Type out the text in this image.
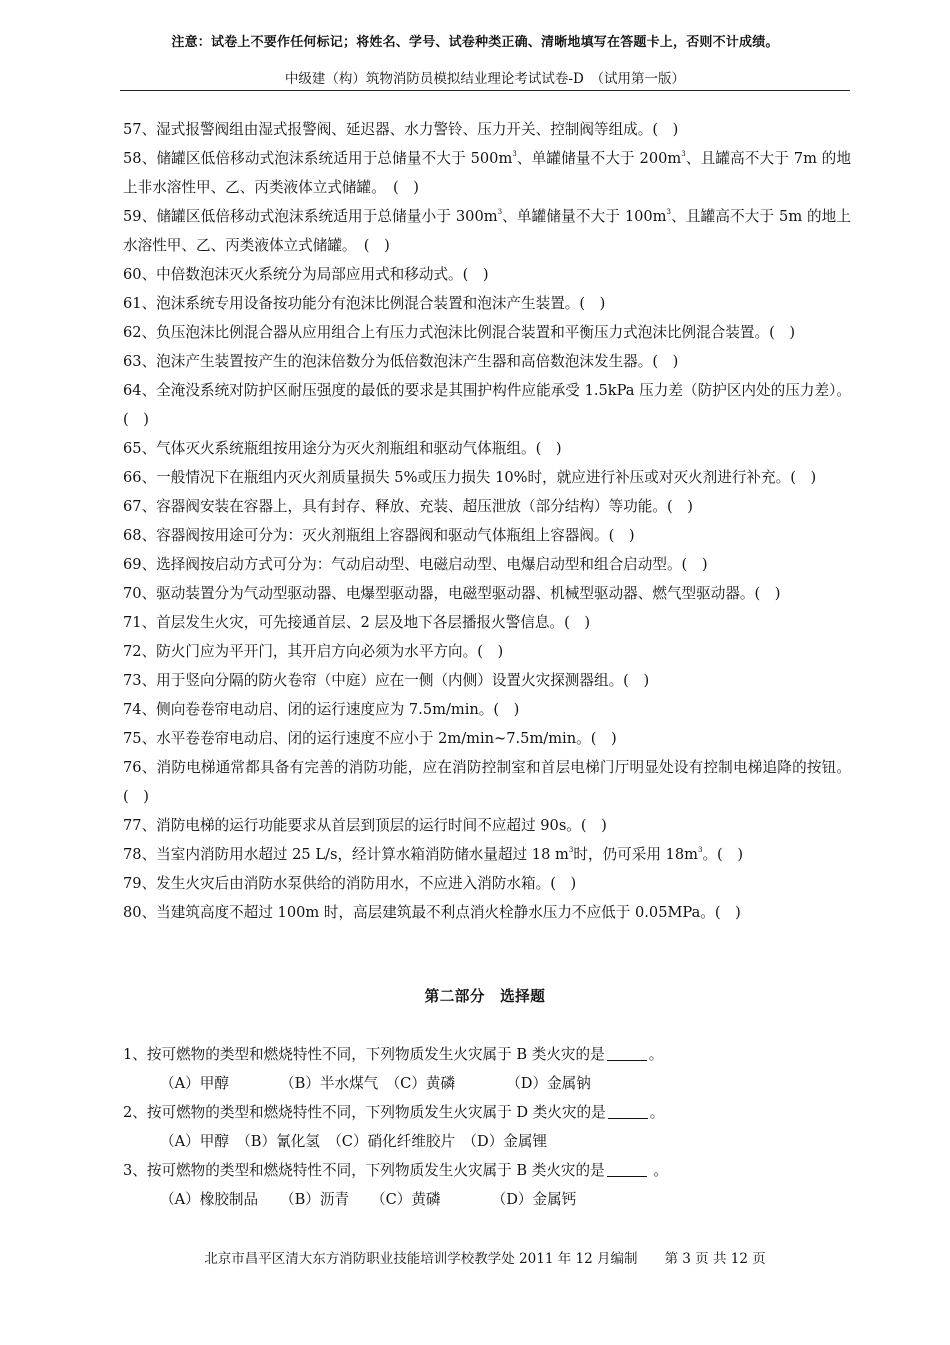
注意：试卷上不要作任何标记；将姓名、学号、试卷种类正确、清晰地填写在答题卡上，否则不计成绩。
中级建（构）筑物消防员模拟结业理论考试试卷-D　（试用第一版）

57、湿式报警阀组由湿式报警阀、延迟器、水力警铃、压力开关、控制阀等组成。(　)

58、储罐区低倍移动式泡沫系统适用于总储量不大于 $500m^3$、单罐储量不大于 $200m^3$、且罐高不大于 7m 的地上非水溶性甲、乙、丙类液体立式储罐。　(　)

59、储罐区低倍移动式泡沫系统适用于总储量小于 $300m^3$、单罐储量不大于 $100m^3$、且罐高不大于 5m 的地上水溶性甲、乙、丙类液体立式储罐。　(　)

60、中倍数泡沫灭火系统分为局部应用式和移动式。(　)

61、泡沫系统专用设备按功能分有泡沫比例混合装置和泡沫产生装置。(　)

62、负压泡沫比例混合器从应用组合上有压力式泡沫比例混合装置和平衡压力式泡沫比例混合装置。(　)

63、泡沫产生装置按产生的泡沫倍数分为低倍数泡沫产生器和高倍数泡沫发生器。(　)

64、全淹没系统对防护区耐压强度的最低的要求是其围护构件应能承受 1.5kPa 压力差（防护区内处的压力差）。(　)

65、气体灭火系统瓶组按用途分为灭火剂瓶组和驱动气体瓶组。(　)

66、一般情况下在瓶组内灭火剂质量损失 5%或压力损失 10%时，就应进行补压或对灭火剂进行补充。(　)

67、容器阀安装在容器上，具有封存、释放、充装、超压泄放（部分结构）等功能。(　)

68、容器阀按用途可分为：灭火剂瓶组上容器阀和驱动气体瓶组上容器阀。(　)

69、选择阀按启动方式可分为：气动启动型、电磁启动型、电爆启动型和组合启动型。(　)

70、驱动装置分为气动型驱动器、电爆型驱动器，电磁型驱动器、机械型驱动器、燃气型驱动器。(　)

71、首层发生火灾，可先接通首层、2 层及地下各层播报火警信息。(　)

72、防火门应为平开门，其开启方向必须为水平方向。(　)

73、用于竖向分隔的防火卷帘（中庭）应在一侧（内侧）设置火灾探测器组。(　)

74、侧向卷卷帘电动启、闭的运行速度应为 7.5m/min。(　)

75、水平卷卷帘电动启、闭的运行速度不应小于 2m/min~7.5m/min。(　)

76、消防电梯通常都具备有完善的消防功能，应在消防控制室和首层电梯门厅明显处设有控制电梯追降的按钮。(　)

77、消防电梯的运行功能要求从首层到顶层的运行时间不应超过 90s。(　)

78、当室内消防用水超过 25 L/s，经计算水箱消防储水量超过 18 $m^3$时，仍可采用 $18m^3$。(　)

79、发生火灾后由消防水泵供给的消防用水，不应进入消防水箱。(　)

80、当建筑高度不超过 100m 时，高层建筑最不利点消火栓静水压力不应低于 0.05MPa。(　)

第二部分　选择题

1、按可燃物的类型和燃烧特性不同，下列物质发生火灾属于 B 类火灾的是	。

（A）甲醇　　　　（B）半水煤气　（C）黄磷　　　　（D）金属钠

2、按可燃物的类型和燃烧特性不同，下列物质发生火灾属于 D 类火灾的是	。

（A）甲醇　（B）氰化氢　（C）硝化纤维胶片　（D）金属锂

3、按可燃物的类型和燃烧特性不同，下列物质发生火灾属于 B 类火灾的是	。

（A）橡胶制品　　（B）沥青　　（C）黄磷　　　　（D）金属钙

北京市昌平区清大东方消防职业技能培训学校教学处 2011 年 12 月编制　　 第 3 页 共 12 页
